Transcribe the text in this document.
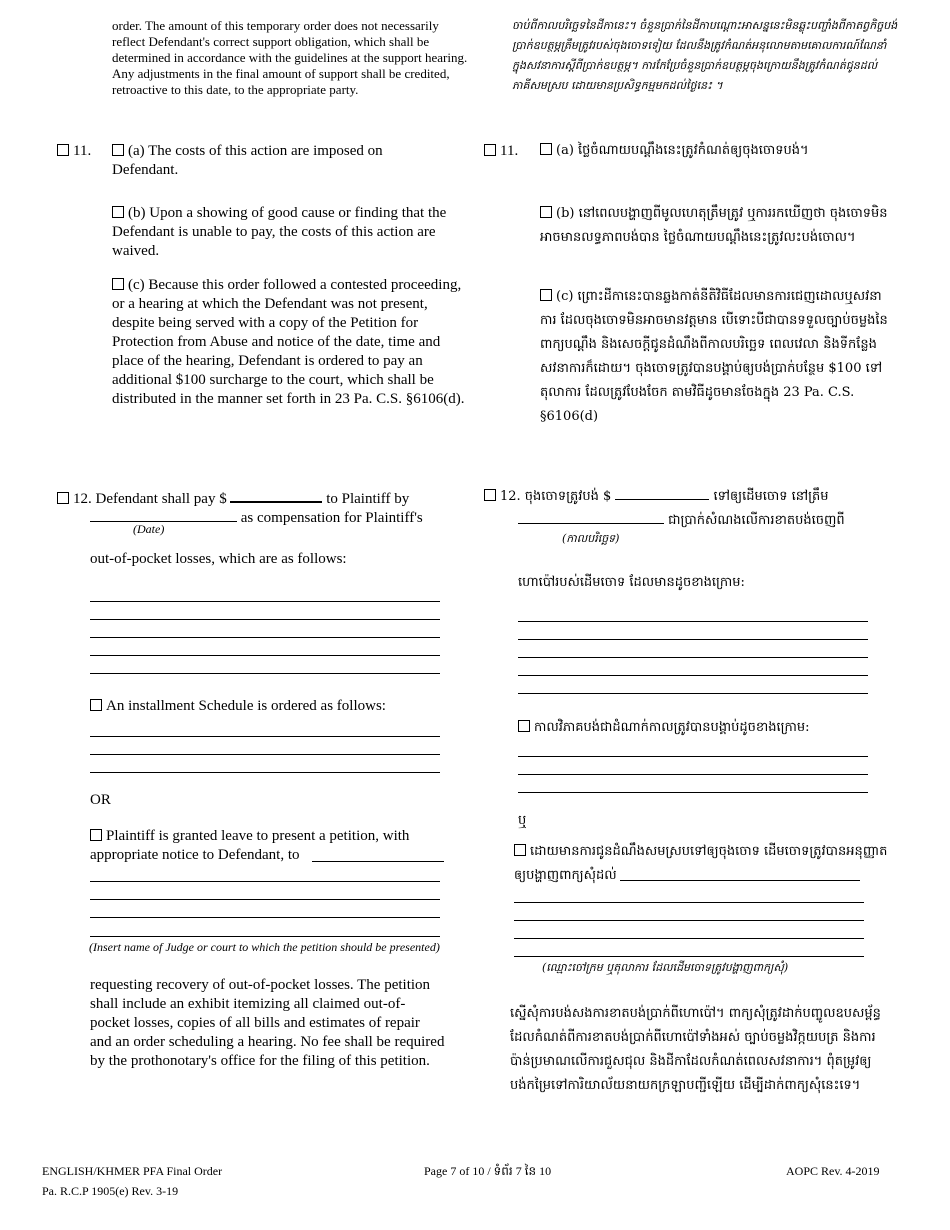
order. The amount of this temporary order does not necessarily reflect Defendant's correct support obligation, which shall be determined in accordance with the guidelines at the support hearing. Any adjustments in the final amount of support shall be credited, retroactive to this date, to the appropriate party.
ចាប់ពីកាលបរិច្ឆេទនៃដីកានេះ។ ចំនួនប្រាក់នៃដីកាបណ្ដោះអាសន្ននេះមិនឆ្លុះបញ្ចាំងពីកាតព្វកិច្ចបង់ប្រាក់ឧបត្ថម្ភត្រឹមត្រូវរបស់ចុងចោទទៀយ ដែលនឹងត្រូវកំណត់អនុលោមតាមគោលការណ៍ណែនាំ ក្នុងសវនាការស្ដីពីប្រាក់ឧបត្ថម្ភ។ ការកែប្រែចំនួនប្រាក់ឧបត្ថម្ភចុងក្រោយនឹងត្រូវកំណត់ជូនដល់ភាគីសមស្រប ដោយមានប្រសិទ្ធកម្មមកដល់ថ្ងៃនេះ ។
11.	(a) The costs of this action are imposed on Defendant.
(b) Upon a showing of good cause or finding that the Defendant is unable to pay, the costs of this action are waived.
(c) Because this order followed a contested proceeding, or a hearing at which the Defendant was not present, despite being served with a copy of the Petition for Protection from Abuse and notice of the date, time and place of the hearing, Defendant is ordered to pay an additional $100 surcharge to the court, which shall be distributed in the manner set forth in 23 Pa. C.S. §6106(d).
11.	(a) ថ្លៃចំណាយបណ្ដឹងនេះត្រូវកំណត់ឲ្យចុងចោទបង់។
(b) នៅពេលបង្ហាញពីមូលហេតុត្រឹមត្រូវ ឬការរកឃើញថា ចុងចោទមិនអាចមានលទ្ធភាពបង់បាន ថ្លៃចំណាយបណ្ដឹងនេះត្រូវលះបង់ចោល។
(c) ព្រោះដីកានេះបានឆ្លងកាត់នីតិវិធីដែលមានការជេញដោលឬសវនាការ ដែលចុងចោទមិនអាចមានវត្តមាន បើទោះបីជាបានទទួលច្បាប់ចម្លងនៃពាក្យបណ្ដឹង និងសេចក្ដីជូនដំណឹងពីកាលបរិច្ឆេទ ពេលវេលា និងទីកន្លែងសវនាការក៏ដោយ។ ចុងចោទត្រូវបានបង្គាប់ឲ្យបង់ប្រាក់បន្ថែម $100 ទៅតុលាការ ដែលត្រូវបែងចែក តាមវិធីដូចមានចែងក្នុង 23 Pa. C.S. §6106(d)
12. Defendant shall pay $	to Plaintiff by
as compensation for Plaintiff's
(Date)
out-of-pocket losses, which are as follows:
An installment Schedule is ordered as follows:
OR
Plaintiff is granted leave to present a petition, with appropriate notice to Defendant, to
(Insert name of Judge or court to which the petition should be presented)
requesting recovery of out-of-pocket losses. The petition shall include an exhibit itemizing all claimed out-of-pocket losses, copies of all bills and estimates of repair and an order scheduling a hearing. No fee shall be required by the prothonotary's office for the filing of this petition.
12. ចុងចោទត្រូវបង់ $	ទៅឲ្យដើមចោទ នៅត្រឹម
ជាប្រាក់សំណងលើការខាតបង់ចេញពី
(កាលបរិច្ឆេទ)
ហោប៉ៅរបស់ដើមចោទ ដែលមានដូចខាងក្រោម:
កាលវិភាគបង់ជាដំណាក់កាលត្រូវបានបង្គាប់ដូចខាងក្រោម:
ឬ
ដោយមានការជូនដំណឹងសមស្របទៅឲ្យចុងចោទ ដើមចោទត្រូវបានអនុញ្ញាតឲ្យបង្ហាញពាក្យសុំដល់
(ឈ្មោះចៅក្រម ឬតុលាការ ដែលដើមចោទត្រូវបង្ហាញពាក្យសុំ)
ស្នើសុំការបង់សងការខាតបង់ប្រាក់ពីហោប៉ៅ។ ពាក្យសុំត្រូវដាក់បញ្ចូលឧបសម្ព័ន្ធដែលកំណត់ពីការខាតបង់ប្រាក់ពីហោប៉ៅទាំងអស់ ច្បាប់ចម្លងវិក្កយបត្រ និងការប៉ាន់ប្រមាណលើការជួសជុល និងដីកាដែលកំណត់ពេលសវនាការ។ ពុំតម្រូវឲ្យបង់កម្រៃទៅការិយាល័យនាយកក្រឡាបញ្ជីឡើយ ដើម្បីដាក់ពាក្យសុំនេះទេ។
ENGLISH/KHMER PFA Final Order
Pa. R.C.P 1905(e) Rev. 3-19
Page 7 of 10 / ទំព័រ 7 នៃ 10	AOPC Rev. 4-2019
